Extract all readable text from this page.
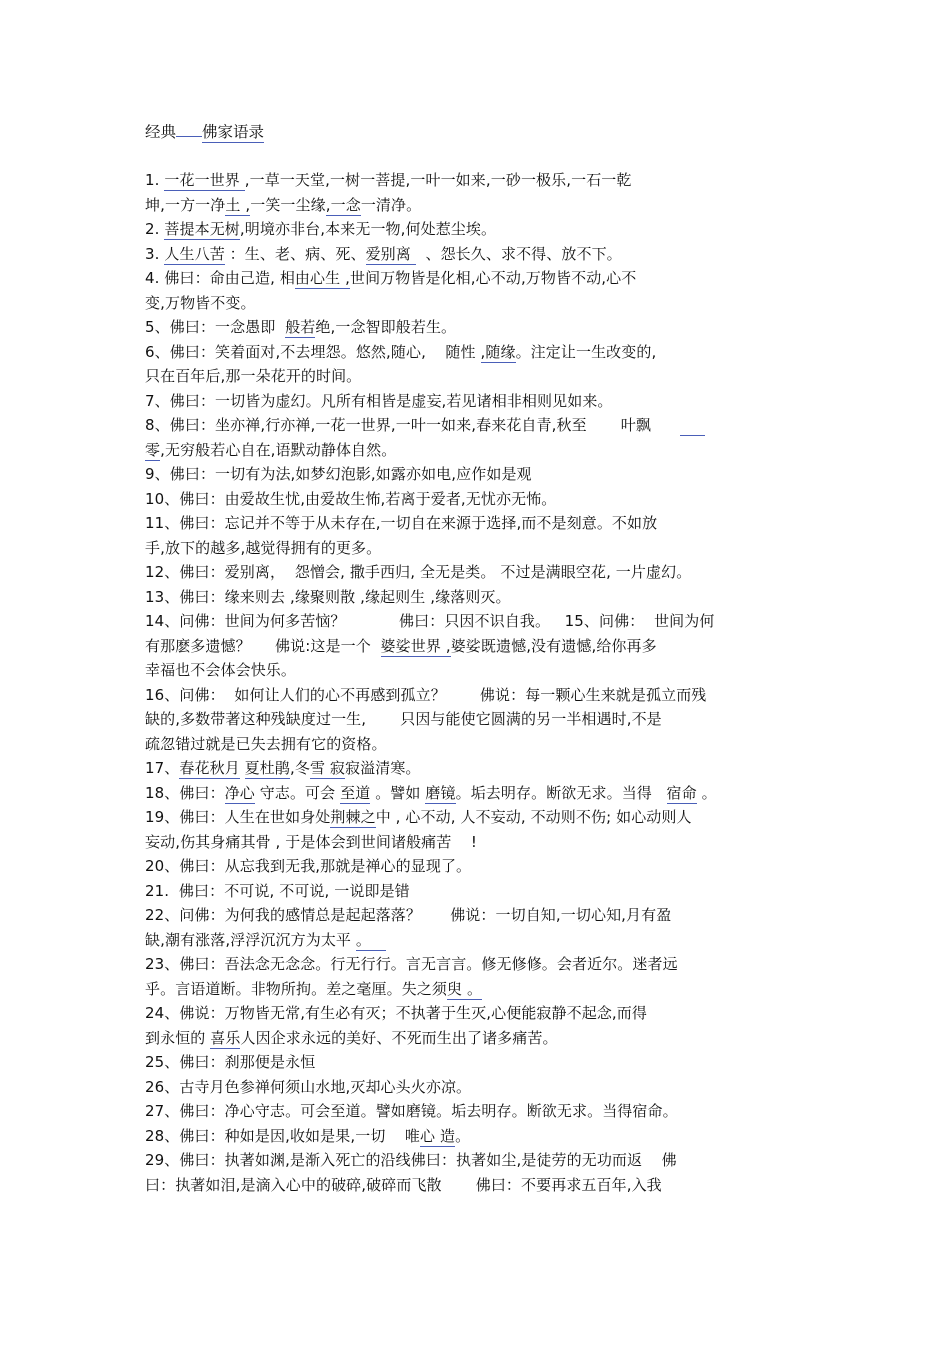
经典 佛家语录
1. 一花一世界 ,一草一天堂,一树一菩提,一叶一如来,一砂一极乐,一石一乾
坤,一方一净土 ,一笑一尘缘,一念一清净。
2. 菩提本无树,明境亦非台,本来无一物,何处惹尘埃。
3. 人生八苦 ：生、老、病、死、爱别离   、怨长久、求不得、放不下。
4. 佛曰：命由己造, 相由心生 ,世间万物皆是化相,心不动,万物皆不动,心不
变,万物皆不变。
5、佛曰：一念愚即  般若绝,一念智即般若生。
6、佛曰：笑着面对,不去埋怨。悠然,随心,    随性 ,随缘。注定让一生改变的,
只在百年后,那一朵花开的时间。
7、佛曰：一切皆为虚幻。凡所有相皆是虚妄,若见诸相非相则见如来。
8、佛曰：坐亦禅,行亦禅,一花一世界,一叶一如来,春来花自青,秋至       叶飘
零,无穷般若心自在,语默动静体自然。
9、佛曰：一切有为法,如梦幻泡影,如露亦如电,应作如是观
10、佛曰：由爱故生忧,由爱故生怖,若离于爱者,无忧亦无怖。
11、佛曰：忘记并不等于从未存在,一切自在来源于选择,而不是刻意。不如放
手,放下的越多,越觉得拥有的更多。
12、佛曰：爱别离，  怨憎会, 撒手西归, 全无是类。 不过是满眼空花, 一片虚幻。
13、佛曰：缘来则去 ,缘聚则散 ,缘起则生 ,缘落则灭。
14、问佛：世间为何多苦恼？           佛曰：只因不识自我。   15、问佛：  世间为何
有那麽多遗憾？     佛说:这是一个  婆娑世界 ,婆娑既遗憾,没有遗憾,给你再多
幸福也不会体会快乐。
16、问佛：  如何让人们的心不再感到孤立？       佛说：每一颗心生来就是孤立而残
缺的,多数带著这种残缺度过一生,       只因与能使它圆满的另一半相遇时,不是
疏忽错过就是已失去拥有它的资格。
17、春花秋月 夏杜鹃,冬雪 寂寂溢清寒。
18、佛曰：净心 守志。可会 至道 。譬如 磨镜。垢去明存。断欲无求。当得   宿命 。
19、佛曰：人生在世如身处荆棘之中 , 心不动, 人不妄动, 不动则不伤; 如心动则人
妄动,伤其身痛其骨 , 于是体会到世间诸般痛苦    !
20、佛曰：从忘我到无我,那就是禅心的显现了。
21.  佛曰：不可说, 不可说, 一说即是错
22、问佛：为何我的感情总是起起落落？      佛说：一切自知,一切心知,月有盈
缺,潮有涨落,浮浮沉沉方为太平 。
23、佛曰：吾法念无念念。行无行行。言无言言。修无修修。会者近尔。迷者远
乎。言语道断。非物所拘。差之毫厘。失之须臾 。
24、佛说：万物皆无常,有生必有灭；不执著于生灭,心便能寂静不起念,而得
到永恒的 喜乐人因企求永远的美好、不死而生出了诸多痛苦。
25、佛曰：刹那便是永恒
26、古寺月色参禅何须山水地,灭却心头火亦凉。
27、佛曰：净心守志。可会至道。譬如磨镜。垢去明存。断欲无求。当得宿命。
28、佛曰：种如是因,收如是果,一切    唯心 造。
29、佛曰：执著如渊,是渐入死亡的沿线佛曰：执著如尘,是徒劳的无功而返    佛
曰：执著如泪,是滴入心中的破碎,破碎而飞散       佛曰：不要再求五百年,入我
